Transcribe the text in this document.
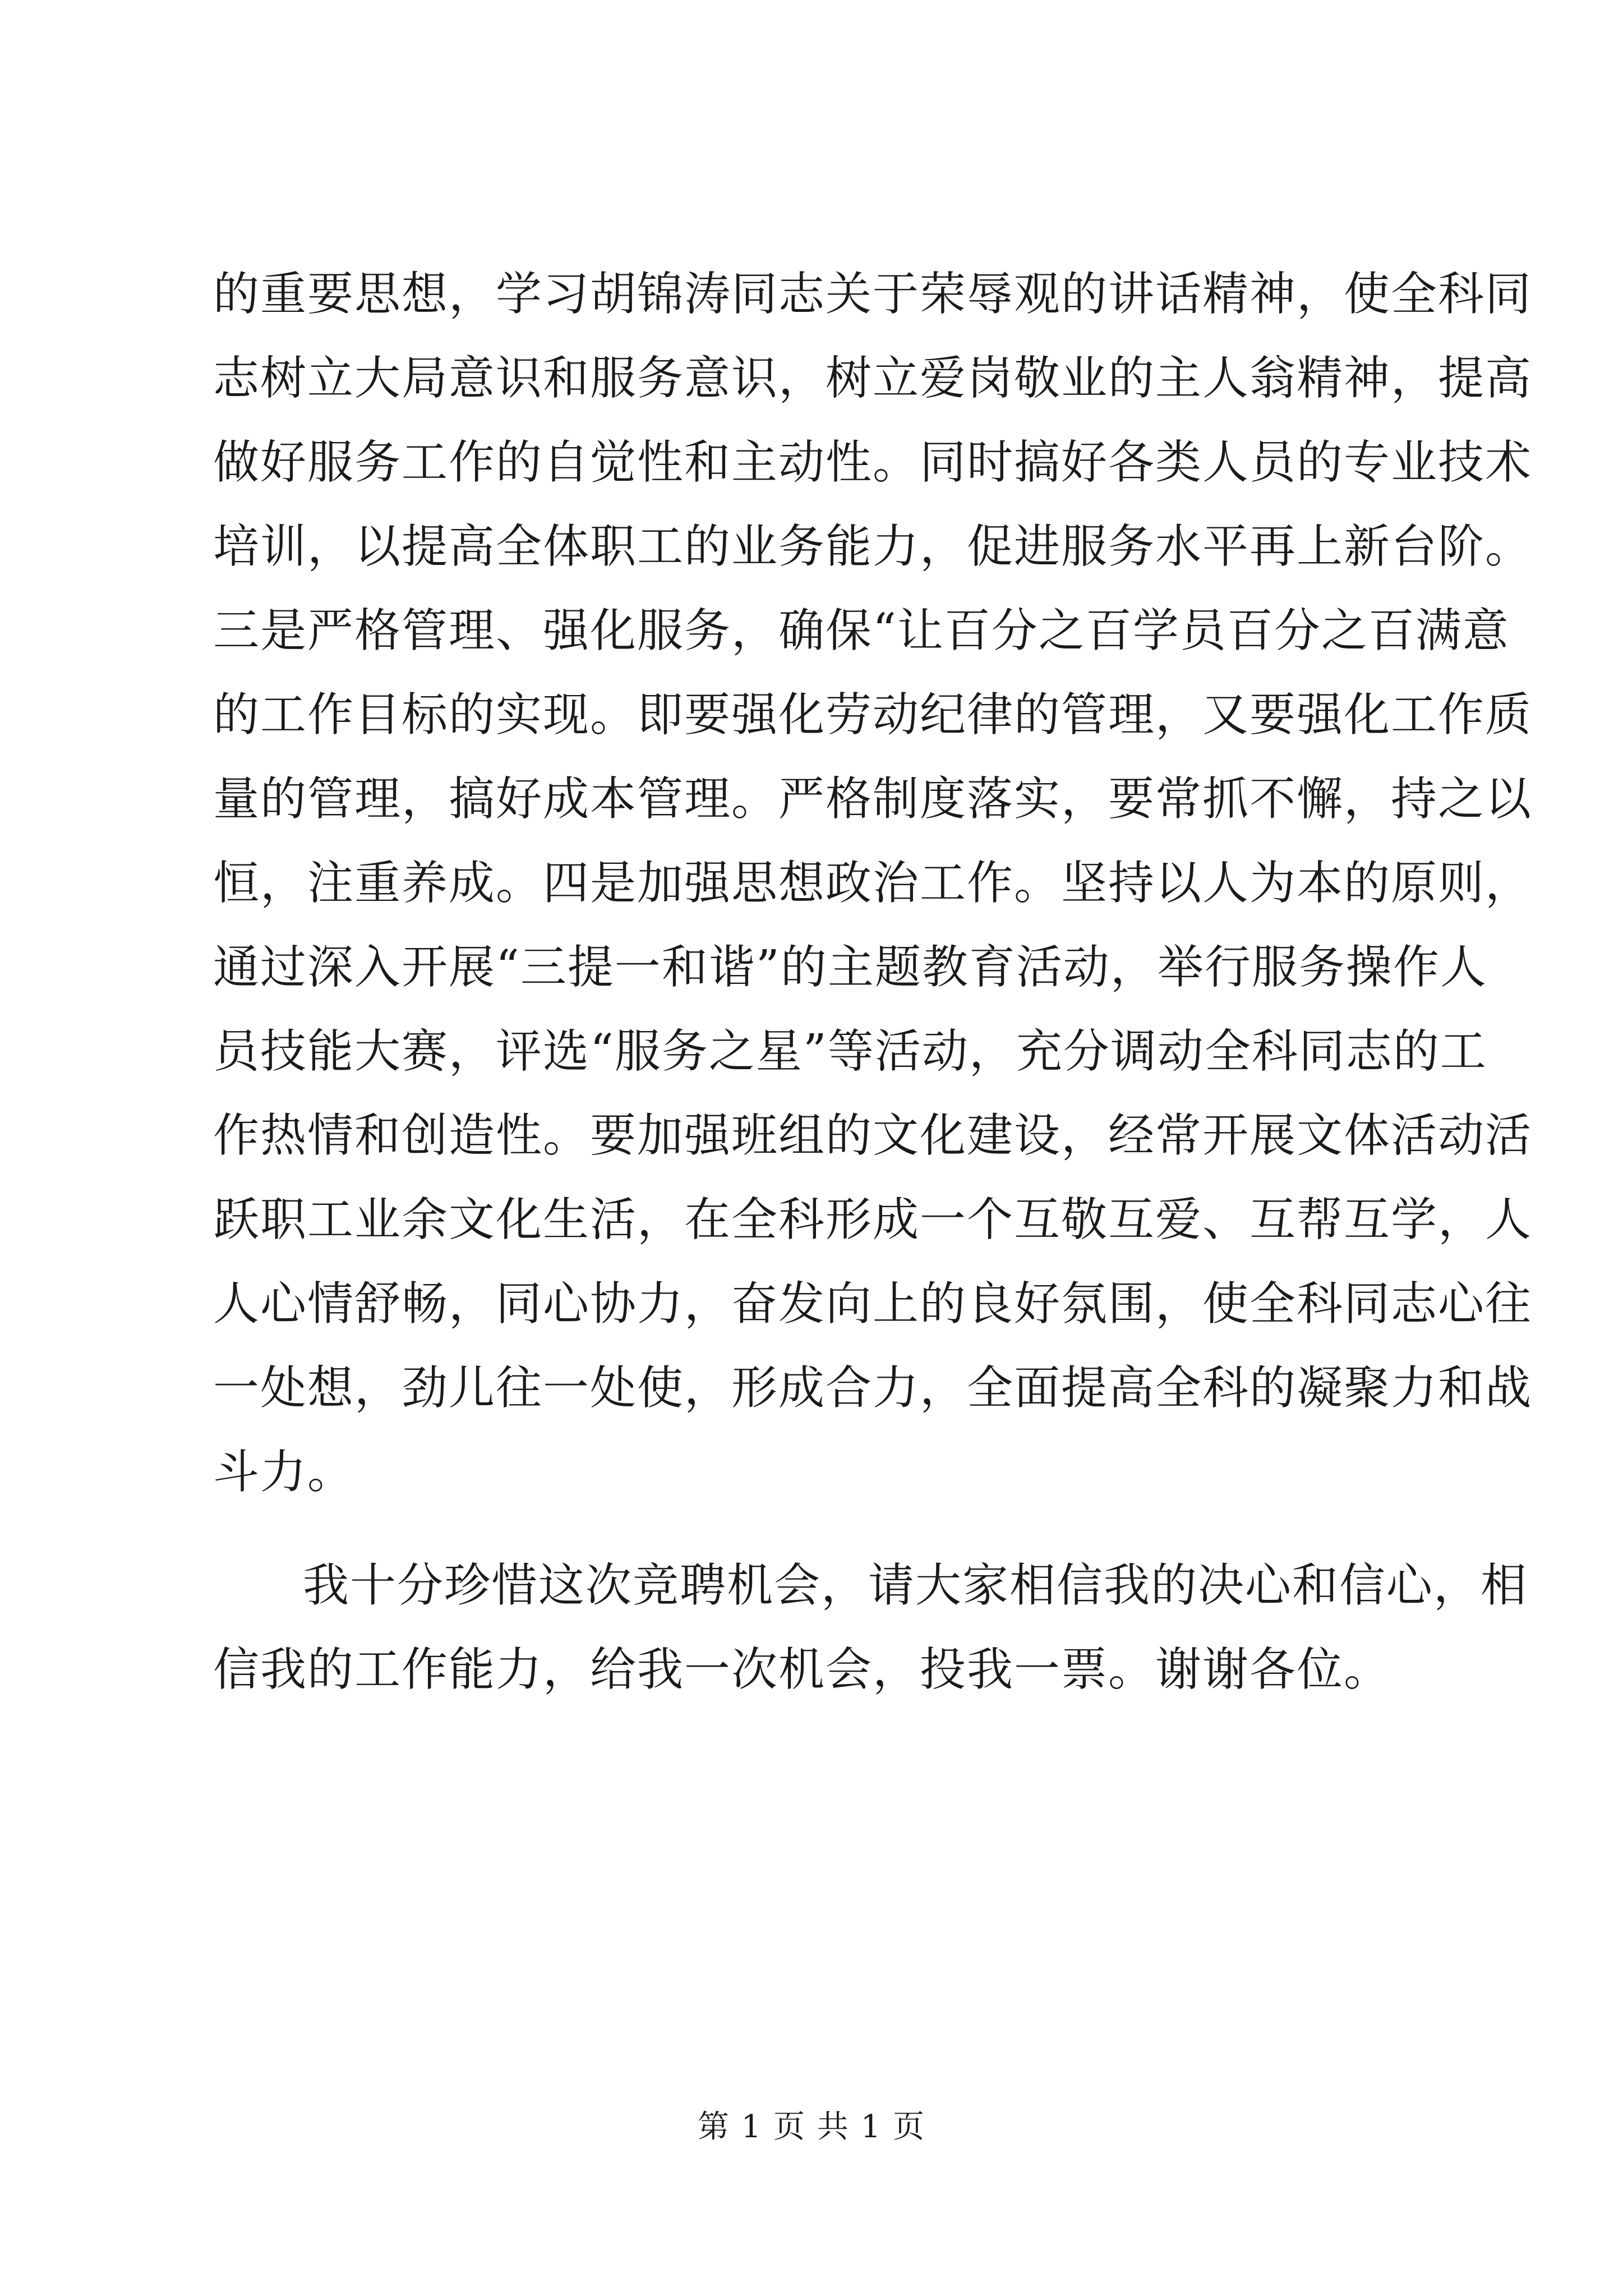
的重要思想，学习胡锦涛同志关于荣辱观的讲话精神，使全科同
志树立大局意识和服务意识，树立爱岗敬业的主人翁精神，提高
做好服务工作的自觉性和主动性。同时搞好各类人员的专业技术
培训，以提高全体职工的业务能力，促进服务水平再上新台阶。
三是严格管理、强化服务，确保“让百分之百学员百分之百满意
的工作目标的实现。即要强化劳动纪律的管理，又要强化工作质
量的管理，搞好成本管理。严格制度落实，要常抓不懈，持之以
恒，注重养成。四是加强思想政治工作。坚持以人为本的原则，
通过深入开展“三提一和谐”的主题教育活动，举行服务操作人
员技能大赛，评选“服务之星”等活动，充分调动全科同志的工
作热情和创造性。要加强班组的文化建设，经常开展文体活动活
跃职工业余文化生活，在全科形成一个互敬互爱、互帮互学，人
人心情舒畅，同心协力，奋发向上的良好氛围，使全科同志心往
一处想，劲儿往一处使，形成合力，全面提高全科的凝聚力和战
斗力。
我十分珍惜这次竞聘机会，请大家相信我的决心和信心，相
信我的工作能力，给我一次机会，投我一票。谢谢各位。
第 1 页 共 1 页
